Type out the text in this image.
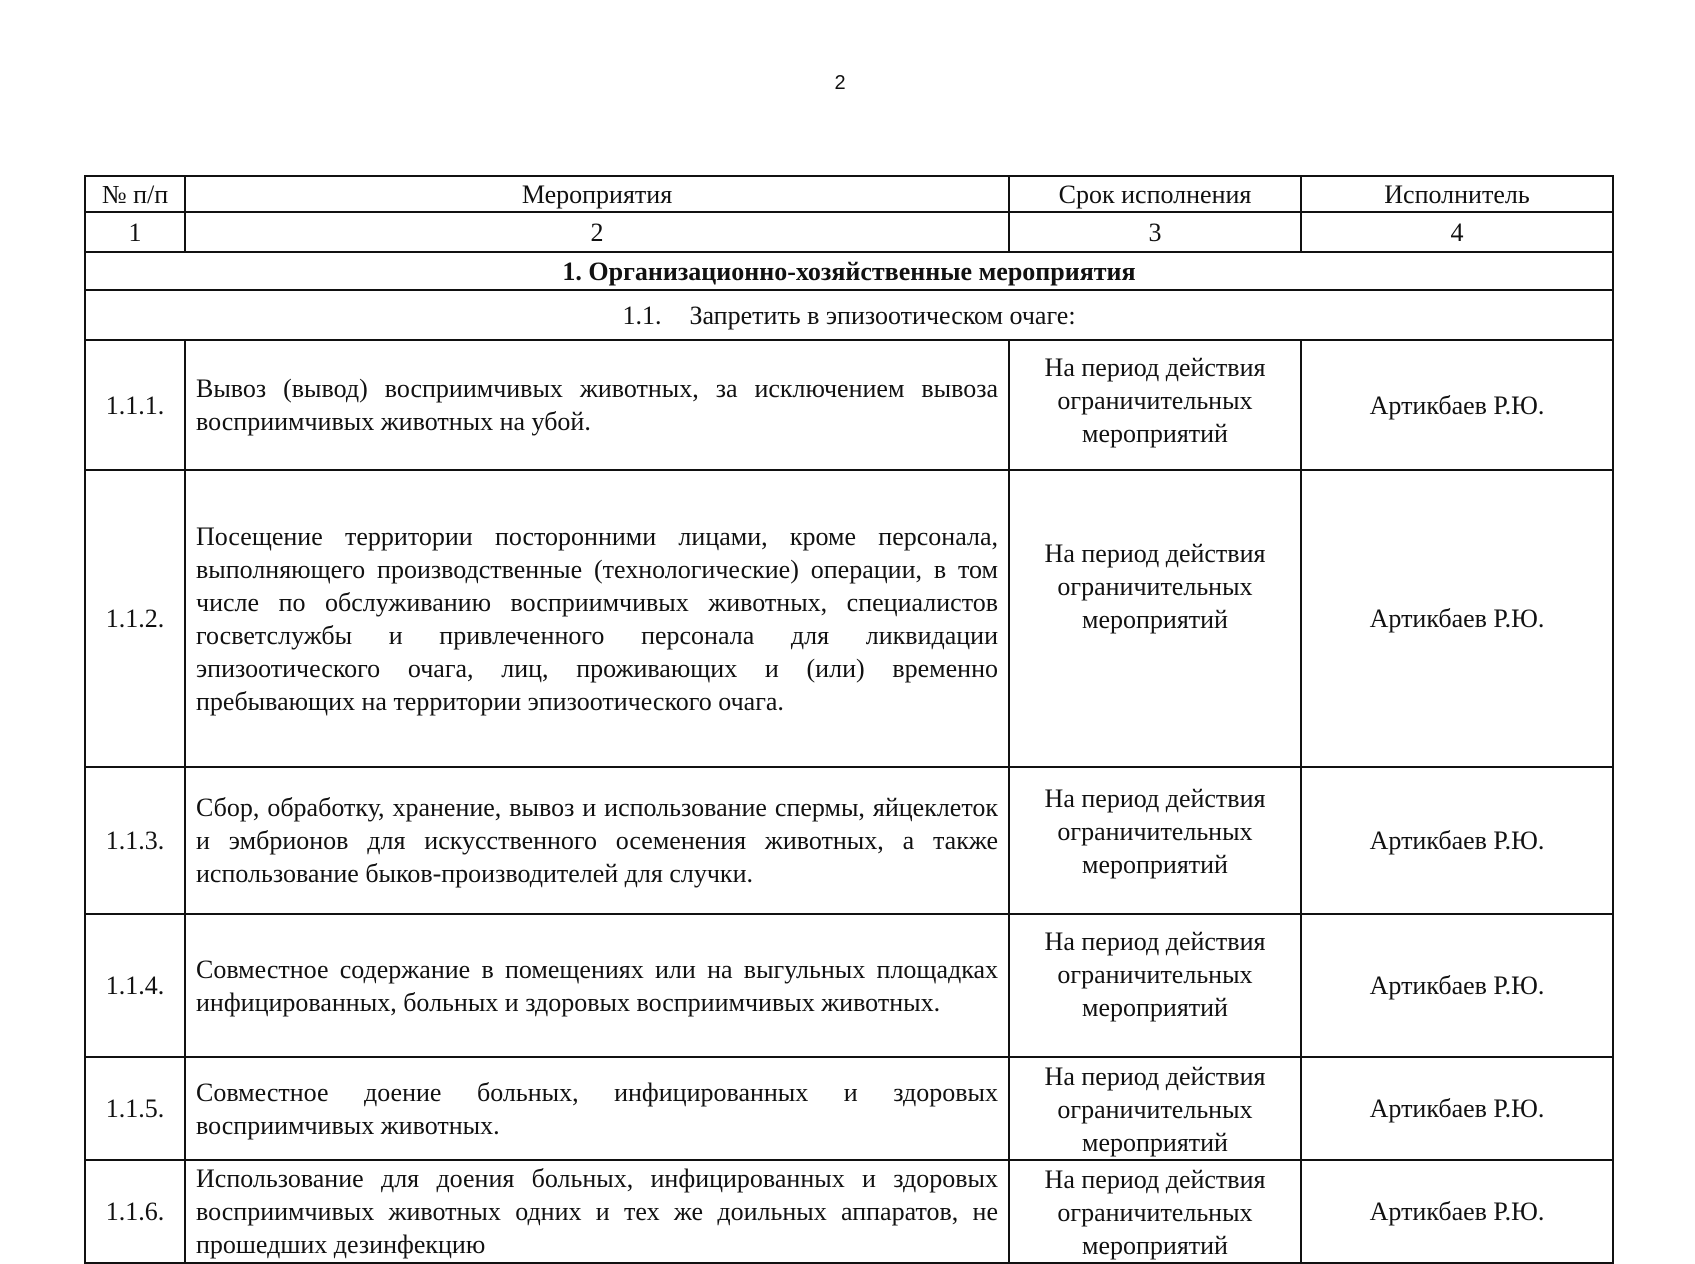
2
№ п/п	Мероприятия	Срок исполнения	Исполнитель
1	2	3	4
1. Организационно-хозяйственные мероприятия			
1.1. Запретить в эпизоотическом очаге:			
1.1.1.	Вывоз (вывод) восприимчивых животных, за исключением вывоза восприимчивых животных на убой.	На период действия ограничительных мероприятий	Артикбаев Р.Ю.
1.1.2.	Посещение территории посторонними лицами, кроме персонала, выполняющего производственные (технологические) операции, в том числе по обслуживанию восприимчивых животных, специалистов госветслужбы и привлеченного персонала для ликвидации эпизоотического очага, лиц, проживающих и (или) временно пребывающих на территории эпизоотического очага.	На период действия ограничительных мероприятий	Артикбаев Р.Ю.
1.1.3.	Сбор, обработку, хранение, вывоз и использование спермы, яйцеклеток и эмбрионов для искусственного осеменения животных, а также использование быков-производителей для случки.	На период действия ограничительных мероприятий	Артикбаев Р.Ю.
1.1.4.	Совместное содержание в помещениях или на выгульных площадках инфицированных, больных и здоровых восприимчивых животных.	На период действия ограничительных мероприятий	Артикбаев Р.Ю.
1.1.5.	Совместное доение больных, инфицированных и здоровых восприимчивых животных.	На период действия ограничительных мероприятий	Артикбаев Р.Ю.
1.1.6.	Использование для доения больных, инфицированных и здоровых восприимчивых животных одних и тех же доильных аппаратов, не прошедших дезинфекцию	На период действия ограничительных мероприятий	Артикбаев Р.Ю.
